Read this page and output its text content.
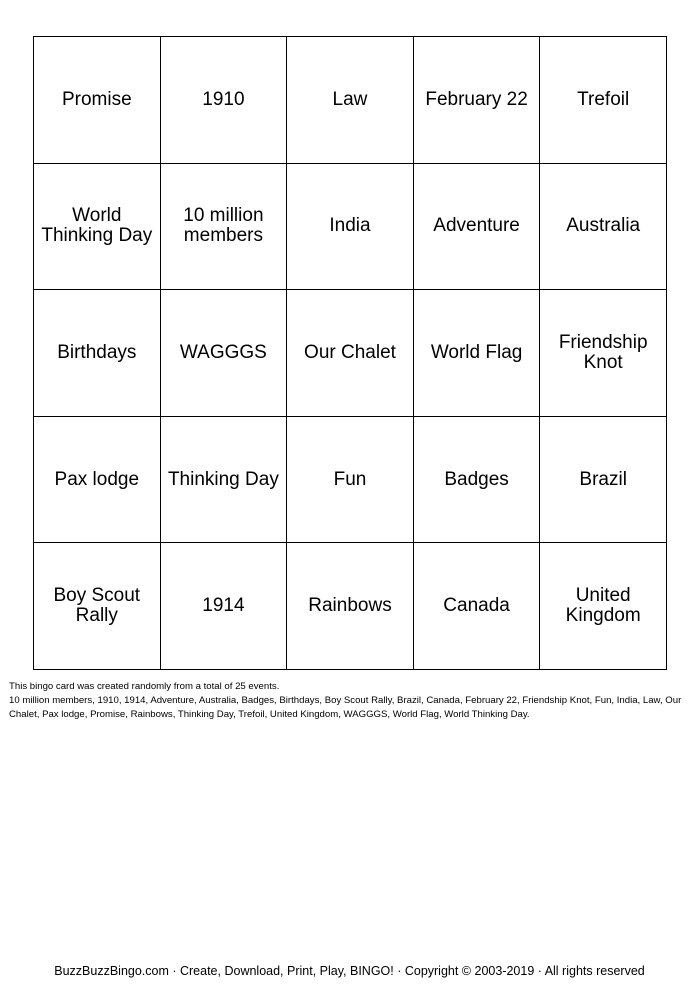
Promise	1910	Law	February 22	Trefoil
World Thinking Day	10 million members	India	Adventure	Australia
Birthdays	WAGGGS	Our Chalet	World Flag	Friendship Knot
Pax lodge	Thinking Day	Fun	Badges	Brazil
Boy Scout Rally	1914	Rainbows	Canada	United Kingdom

This bingo card was created randomly from a total of 25 events.

10 million members, 1910, 1914, Adventure, Australia, Badges, Birthdays, Boy Scout Rally, Brazil, Canada, February 22, Friendship Knot, Fun, India, Law, Our Chalet, Pax lodge, Promise, Rainbows, Thinking Day, Trefoil, United Kingdom, WAGGGS, World Flag, World Thinking Day.

BuzzBuzzBingo.com · Create, Download, Print, Play, BINGO! · Copyright © 2003-2019 · All rights reserved
